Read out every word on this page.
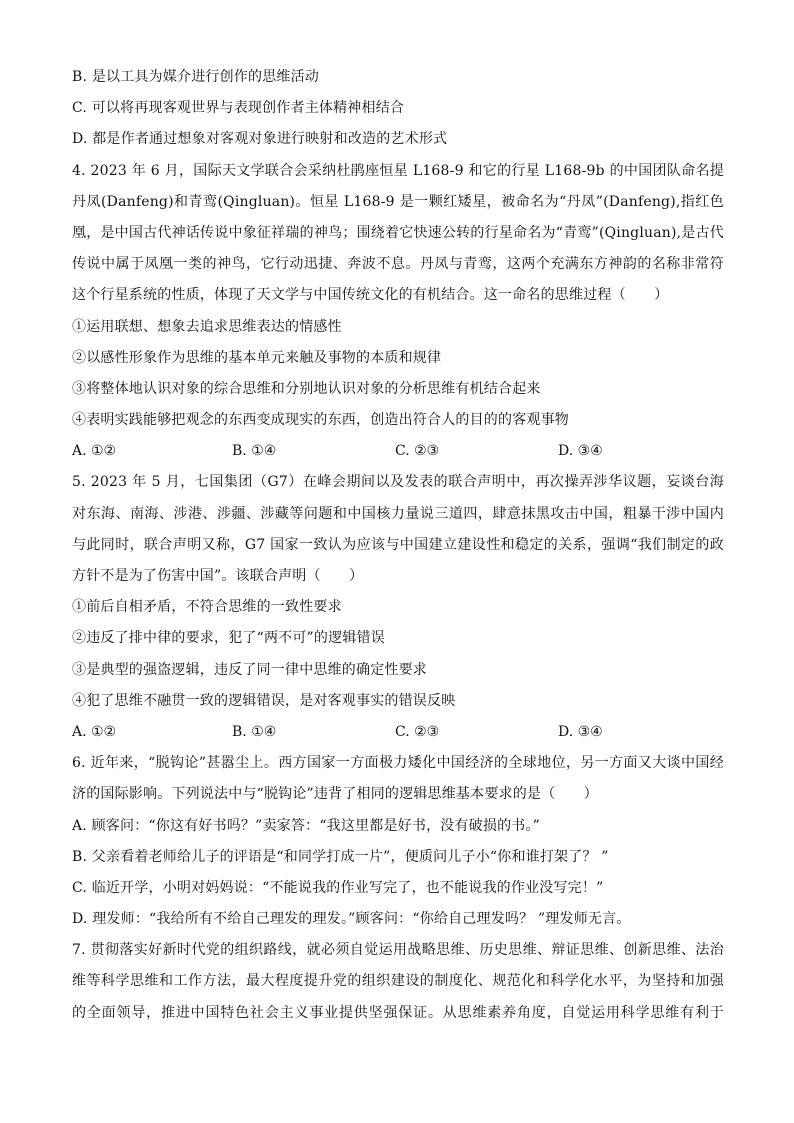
B. 是以工具为媒介进行创作的思维活动
C. 可以将再现客观世界与表现创作者主体精神相结合
D. 都是作者通过想象对客观对象进行映射和改造的艺术形式
4. 2023 年 6 月，国际天文学联合会采纳杜鹃座恒星 L168-9 和它的行星 L168-9b 的中国团队命名提
丹凤(Danfeng)和青鸾(Qingluan)。恒星 L168-9 是一颗红矮星，被命名为“丹凤”(Danfeng),指红色
凰，是中国古代神话传说中象征祥瑞的神鸟；围绕着它快速公转的行星命名为“青鸾”(Qingluan),是古代
传说中属于凤凰一类的神鸟，它行动迅捷、奔波不息。丹凤与青鸾，这两个充满东方神韵的名称非常符
这个行星系统的性质，体现了天文学与中国传统文化的有机结合。这一命名的思维过程（　　）
①运用联想、想象去追求思维表达的情感性
②以感性形象作为思维的基本单元来触及事物的本质和规律
③将整体地认识对象的综合思维和分别地认识对象的分析思维有机结合起来
④表明实践能够把观念的东西变成现实的东西，创造出符合人的目的的客观事物
A. ①②	B. ①④	C. ②③	D. ③④
5. 2023 年 5 月，七国集团（G7）在峰会期间以及发表的联合声明中，再次操弄涉华议题，妄谈台海
对东海、南海、涉港、涉疆、涉藏等问题和中国核力量说三道四，肆意抹黑攻击中国，粗暴干涉中国内
与此同时，联合声明又称，G7 国家一致认为应该与中国建立建设性和稳定的关系，强调“我们制定的政
方针不是为了伤害中国”。该联合声明（　　）
①前后自相矛盾，不符合思维的一致性要求
②违反了排中律的要求，犯了“两不可”的逻辑错误
③是典型的强盗逻辑，违反了同一律中思维的确定性要求
④犯了思维不融贯一致的逻辑错误，是对客观事实的错误反映
A. ①②	B. ①④	C. ②③	D. ③④
6. 近年来，“脱钩论”甚嚣尘上。西方国家一方面极力矮化中国经济的全球地位，另一方面又大谈中国经
济的国际影响。下列说法中与“脱钩论”违背了相同的逻辑思维基本要求的是（　　）
A. 顾客问：“你这有好书吗？”卖家答：“我这里都是好书，没有破损的书。”
B. 父亲看着老师给儿子的评语是“和同学打成一片”，便质问儿子小“你和谁打架了？ ”
C. 临近开学，小明对妈妈说：“不能说我的作业写完了，也不能说我的作业没写完！”
D. 理发师：“我给所有不给自己理发的理发。”顾客问：“你给自己理发吗？ ”理发师无言。
7. 贯彻落实好新时代党的组织路线，就必须自觉运用战略思维、历史思维、辩证思维、创新思维、法治
维等科学思维和工作方法，最大程度提升党的组织建设的制度化、规范化和科学化水平，为坚持和加强
的全面领导，推进中国特色社会主义事业提供坚强保证。从思维素养角度，自觉运用科学思维有利于
